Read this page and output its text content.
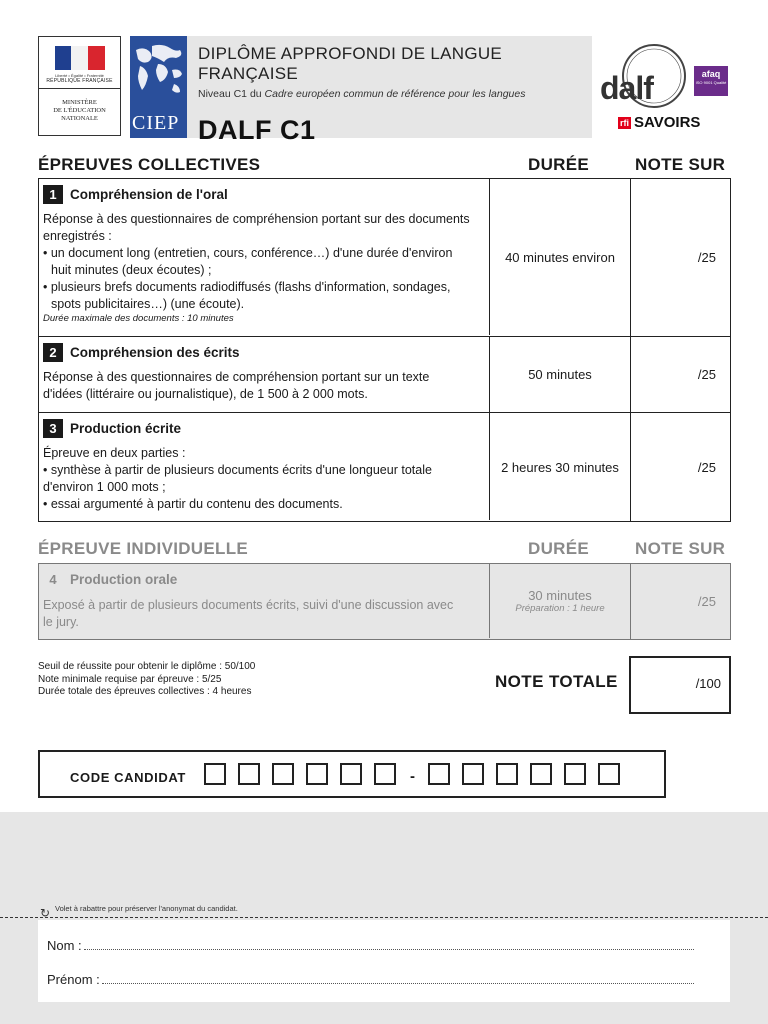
Liberté • Égalité • Fraternité
RÉPUBLIQUE FRANÇAISE
MINISTÈRE
DE L'ÉDUCATION
NATIONALE	CIEP
DIPLÔME APPROFONDI DE LANGUE FRANÇAISE
Niveau C1 du Cadre européen commun de référence pour les langues
DALF C1
dalf	afaq
ISO 9001 Qualité
rfi SAVOIRS
ÉPREUVES COLLECTIVES	DURÉE	NOTE SUR
1 Compréhension de l'oral
Réponse à des questionnaires de compréhension portant sur des documents
enregistrés :
• un document long (entretien, cours, conférence…) d'une durée d'environ
huit minutes (deux écoutes) ;
• plusieurs brefs documents radiodiffusés (flashs d'information, sondages,
spots publicitaires…) (une écoute).
Durée maximale des documents : 10 minutes
40 minutes environ	/25
2 Compréhension des écrits
Réponse à des questionnaires de compréhension portant sur un texte
d'idées (littéraire ou journalistique), de 1 500 à 2 000 mots.
50 minutes	/25
3 Production écrite
Épreuve en deux parties :
• synthèse à partir de plusieurs documents écrits d'une longueur totale
d'environ 1 000 mots ;
• essai argumenté à partir du contenu des documents.
2 heures 30 minutes	/25
ÉPREUVE INDIVIDUELLE	DURÉE	NOTE SUR
4 Production orale
Exposé à partir de plusieurs documents écrits, suivi d'une discussion avec
le jury.
30 minutes
Préparation : 1 heure	/25
Seuil de réussite pour obtenir le diplôme : 50/100
Note minimale requise par épreuve : 5/25
Durée totale des épreuves collectives : 4 heures
NOTE TOTALE	/100
CODE CANDIDAT	-
↻ Volet à rabattre pour préserver l'anonymat du candidat.
Nom :
Prénom :
